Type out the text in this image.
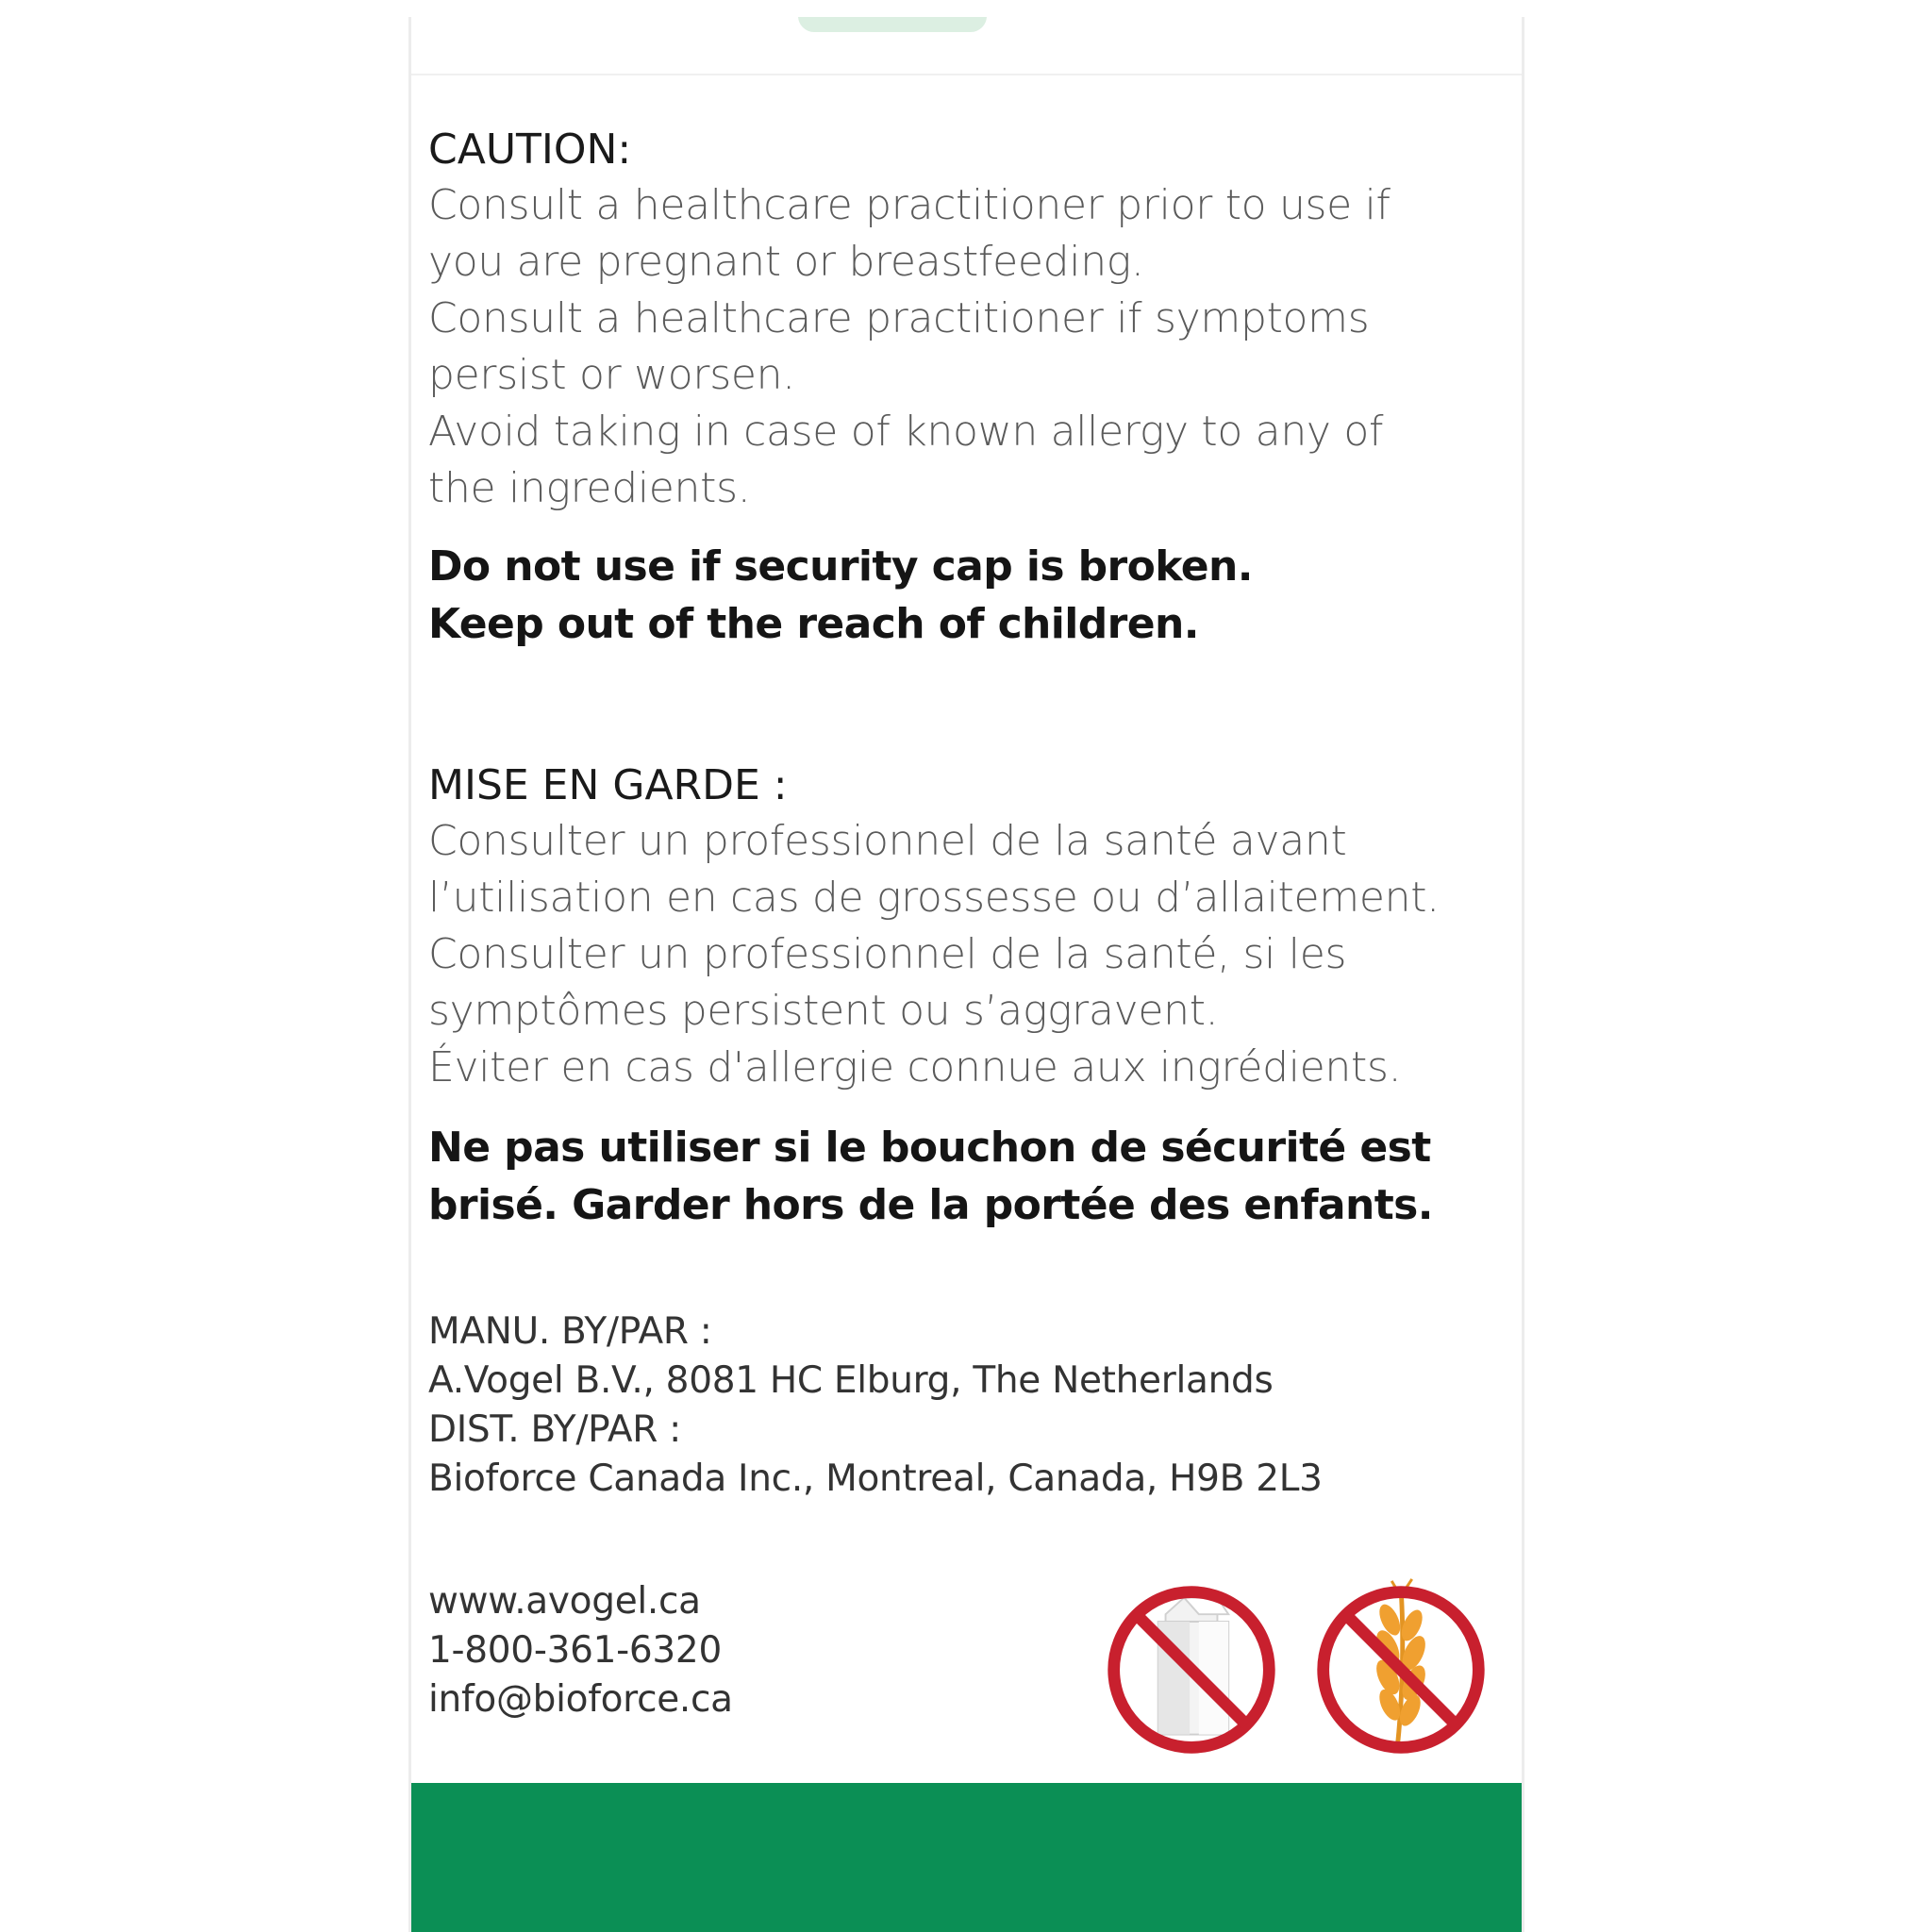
CAUTION:
Consult a healthcare practitioner prior to use if
you are pregnant or breastfeeding.
Consult a healthcare practitioner if symptoms
persist or worsen.
Avoid taking in case of known allergy to any of
the ingredients.
Do not use if security cap is broken.
Keep out of the reach of children.
MISE EN GARDE :
Consulter un professionnel de la santé avant
l’utilisation en cas de grossesse ou d’allaitement.
Consulter un professionnel de la santé, si les
symptômes persistent ou s’aggravent.
Éviter en cas d'allergie connue aux ingrédients.
Ne pas utiliser si le bouchon de sécurité est
brisé. Garder hors de la portée des enfants.
MANU. BY/PAR :
A.Vogel B.V., 8081 HC Elburg, The Netherlands
DIST. BY/PAR :
Bioforce Canada Inc., Montreal, Canada, H9B 2L3
www.avogel.ca
1-800-361-6320
info@bioforce.ca
